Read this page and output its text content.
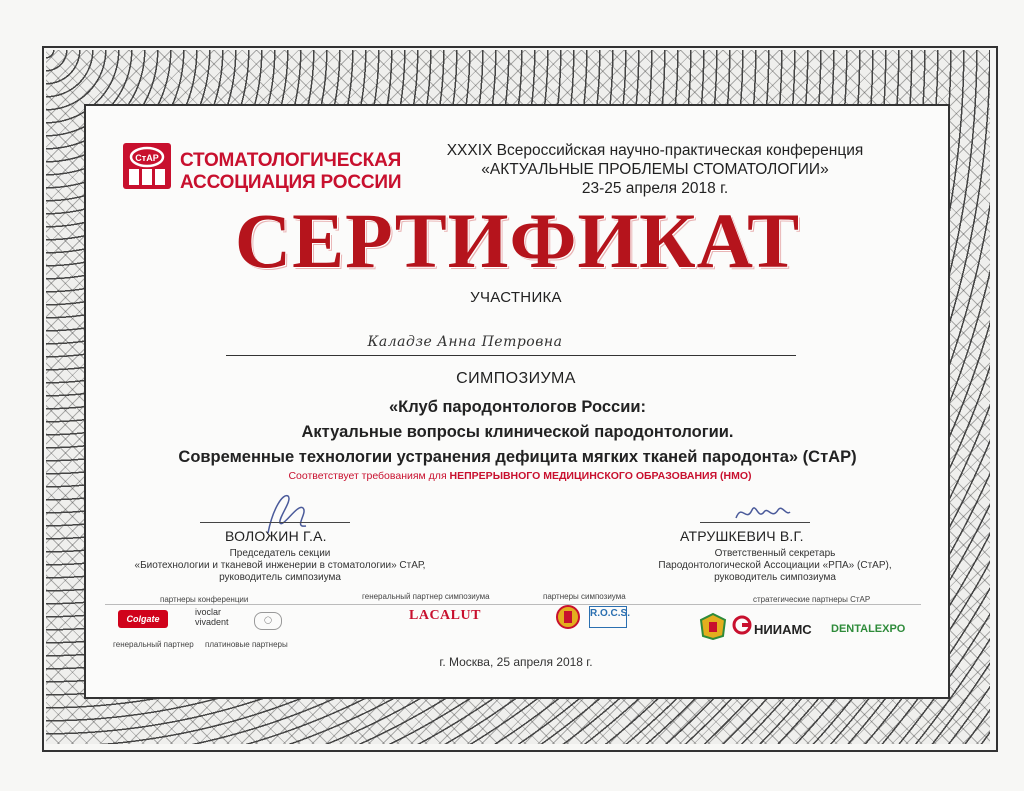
СтАР СТОМАТОЛОГИЧЕСКАЯ
АССОЦИАЦИЯ РОССИИ
XXXIX Всероссийская научно-практическая конференция
«АКТУАЛЬНЫЕ ПРОБЛЕМЫ СТОМАТОЛОГИИ»
23-25 апреля 2018 г.
СЕРТИФИКАТ
УЧАСТНИКА
Каладзе Анна Петровна
СИМПОЗИУМА
«Клуб пародонтологов России:
Актуальные вопросы клинической пародонтологии.
Современные технологии устранения дефицита мягких тканей пародонта» (СтАР)
Соответствует требованиям для НЕПРЕРЫВНОГО МЕДИЦИНСКОГО ОБРАЗОВАНИЯ (НМО)
ВОЛОЖИН Г.А.
Председатель секции
«Биотехнологии и тканевой инженерии в стоматологии» СтАР,
руководитель симпозиума
АТРУШКЕВИЧ В.Г.
Ответственный секретарь
Пародонтологической Ассоциации «РПА» (СтАР),
руководитель симпозиума
партнеры конференции	генеральный партнер симпозиума	партнеры симпозиума	стратегические партнеры СтАР
Colgate
ivoclar
vivadent	◯
генеральный партнер платиновые партнеры
LACALUT	R.O.C.S.
НИИАМС DENTALEXPO
г. Москва, 25 апреля 2018 г.
